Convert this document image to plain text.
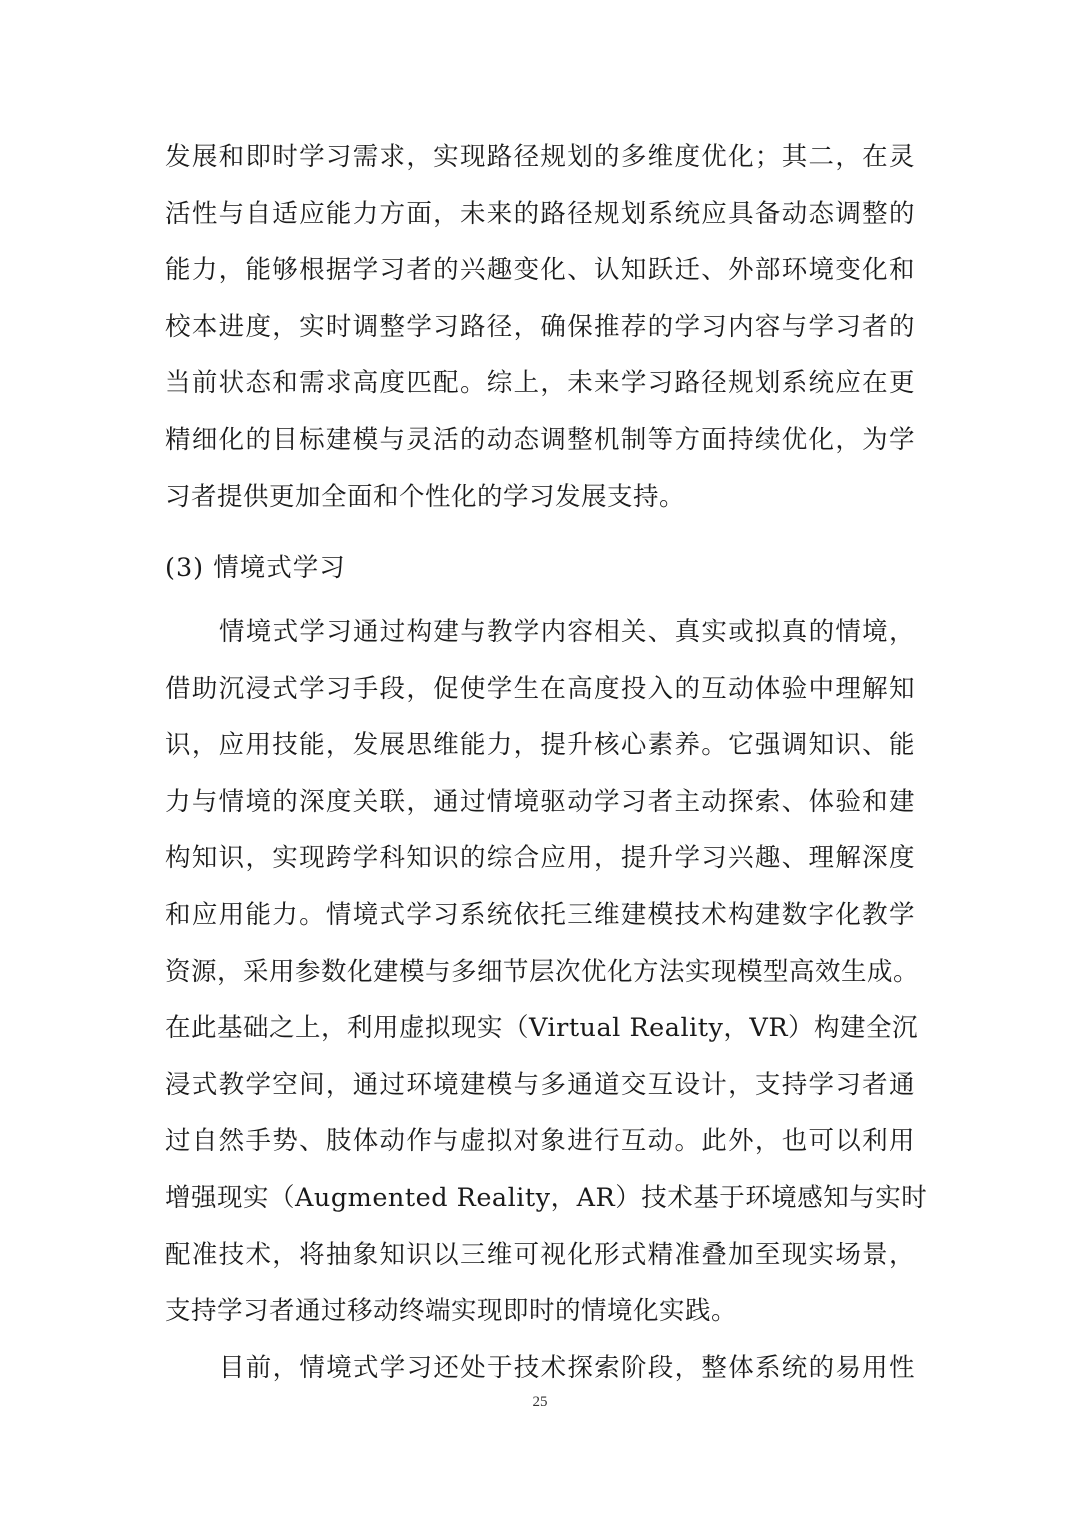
发展和即时学习需求，实现路径规划的多维度优化；其二，在灵
活性与自适应能力方面，未来的路径规划系统应具备动态调整的
能力，能够根据学习者的兴趣变化、认知跃迁、外部环境变化和
校本进度，实时调整学习路径，确保推荐的学习内容与学习者的
当前状态和需求高度匹配。综上，未来学习路径规划系统应在更
精细化的目标建模与灵活的动态调整机制等方面持续优化，为学
习者提供更加全面和个性化的学习发展支持。
(3) 情境式学习
情境式学习通过构建与教学内容相关、真实或拟真的情境，
借助沉浸式学习手段，促使学生在高度投入的互动体验中理解知
识，应用技能，发展思维能力，提升核心素养。它强调知识、能
力与情境的深度关联，通过情境驱动学习者主动探索、体验和建
构知识，实现跨学科知识的综合应用，提升学习兴趣、理解深度
和应用能力。情境式学习系统依托三维建模技术构建数字化教学
资源，采用参数化建模与多细节层次优化方法实现模型高效生成。
在此基础之上，利用虚拟现实（Virtual Reality，VR）构建全沉
浸式教学空间，通过环境建模与多通道交互设计，支持学习者通
过自然手势、肢体动作与虚拟对象进行互动。此外，也可以利用
增强现实（Augmented Reality，AR）技术基于环境感知与实时
配准技术，将抽象知识以三维可视化形式精准叠加至现实场景，
支持学习者通过移动终端实现即时的情境化实践。
目前，情境式学习还处于技术探索阶段，整体系统的易用性
25
